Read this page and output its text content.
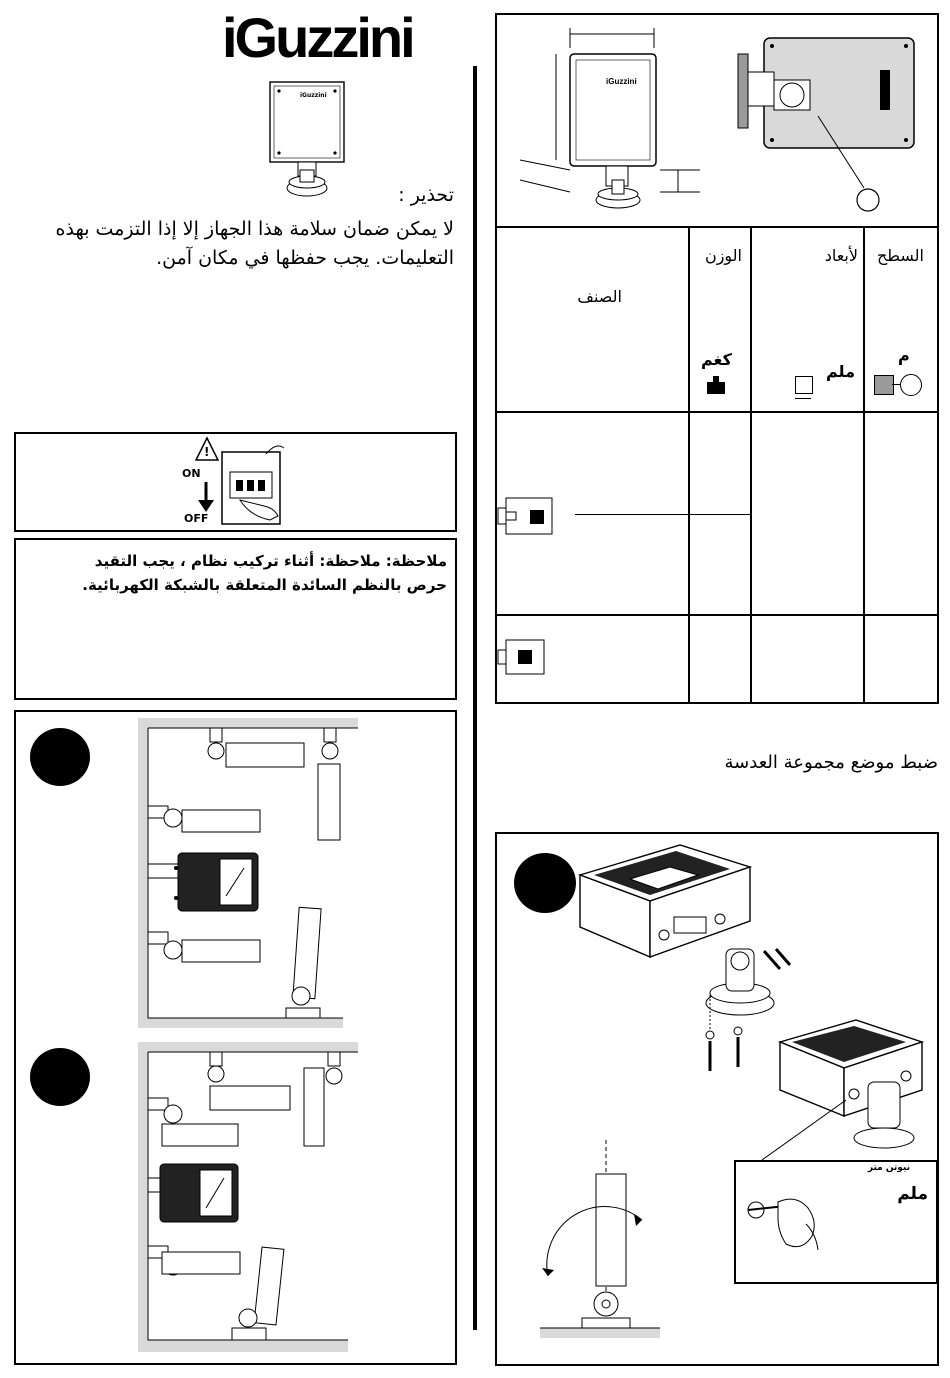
iGuzzini
iGuzzini
تحذير :
لا يمكن ضمان سلامة هذا الجهاز إلا إذا التزمت بهذه
التعليمات. يجب حفظها في مكان آمن.
!
ON
OFF
ملاحظة: ملاحظة: أثناء تركيب نظام ، يجب التقيد
حرص بالنظم السائدة المتعلقة بالشبكة الكهربائية.
iGuzzini
السطح
لأبعاد
الوزن
الصنف
م
ملم
كغم
ضبط موضع مجموعة العدسة
نيوتن متر
ملم
